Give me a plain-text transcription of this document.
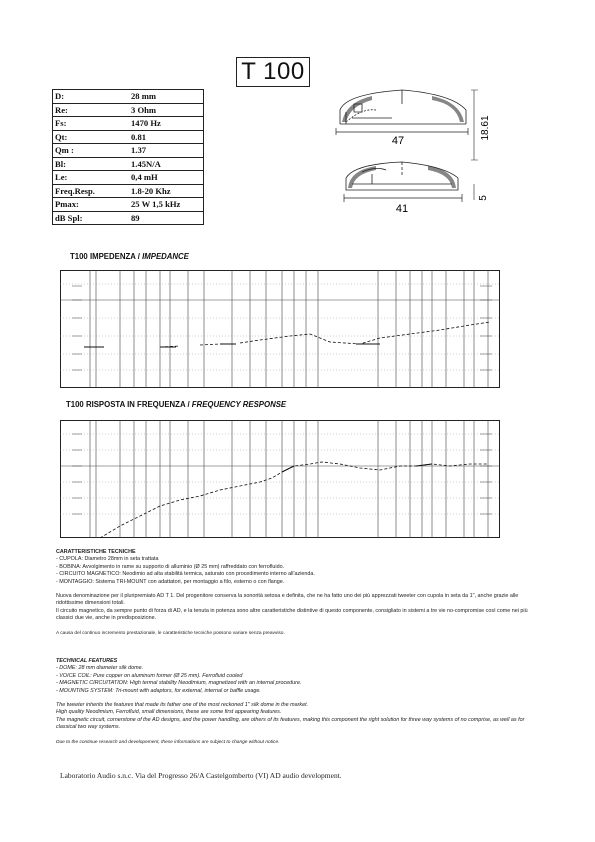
T 100
D:	28 mm
Re:	3 Ohm
Fs:	1470 Hz
Qt:	0.81
Qm :	1.37
Bl:	1.45N/A
Le:	0,4 mH
Freq.Resp.	1.8-20 Khz
Pmax:	25 W 1,5 kHz
dB Spl:	89
47
18.61
41
5
T100 IMPEDENZA / IMPEDANCE
T100 RISPOSTA IN FREQUENZA / FREQUENCY RESPONSE

CARATTERISTICHE TECNICHE

- CUPOLA: Diametro 28mm in seta trattata

- BOBINA: Avvolgimento in rame su supporto di alluminio (Ø 25 mm) raffreddato con ferrofluido.

- CIRCUITO MAGNETICO: Neodimio ad alta stabilità termica, saturato con procedimento interno all'azienda.

- MONTAGGIO: Sistema TRI-MOUNT con adattatori, per montaggio a filo, esterno o con flange.

Nuova denominazione per il pluripremiato AD T 1. Del progenitore conserva la sonorità setosa e definita, che ne ha fatto uno dei più apprezzati tweeter con cupola in seta da 1", anche grazie alle ridottissime dimensioni totali.

Il circuito magnetico, da sempre punto di forza di AD, e la tenuta in potenza sono altre caratteristiche distintive di questo componente, consigliato in sistemi a tre vie no-compromise così come nei più classici due vie, anche in predisposizione.

A causa del continuo incremento prestazionale, le caratteristiche tecniche possono variare senza preavviso.

TECHNICAL FEATURES

- DOME: 28 mm diameter silk dome.

- VOICE COIL: Pure copper on aluminum former (Ø 25 mm). Ferrofluid cooled

- MAGNETIC CIRCUITATION: High termal stability Neodimium, magnetized with an internal procedure.

- MOUNTING SYSTEM: Tri-mount with adaptors, for external, internal or baffle usage.

The tweeter inherits the features that made its father one of the most reckoned 1" silk dome in the market.

High quality Neodimium, Ferrofluid, small dimensions, these are some first appearing features.

The magnetic circuit, cornerstone of the AD designs, and the power handling, are others of its features, making this component the right solution for three way systems of no comprise, as well as for classical two way systems.

Due to the continue research and developement, these informations are subject to change without notice.

Laboratorio Audio s.n.c. Via del Progresso 26/A Castelgomberto (VI) AD audio development.
